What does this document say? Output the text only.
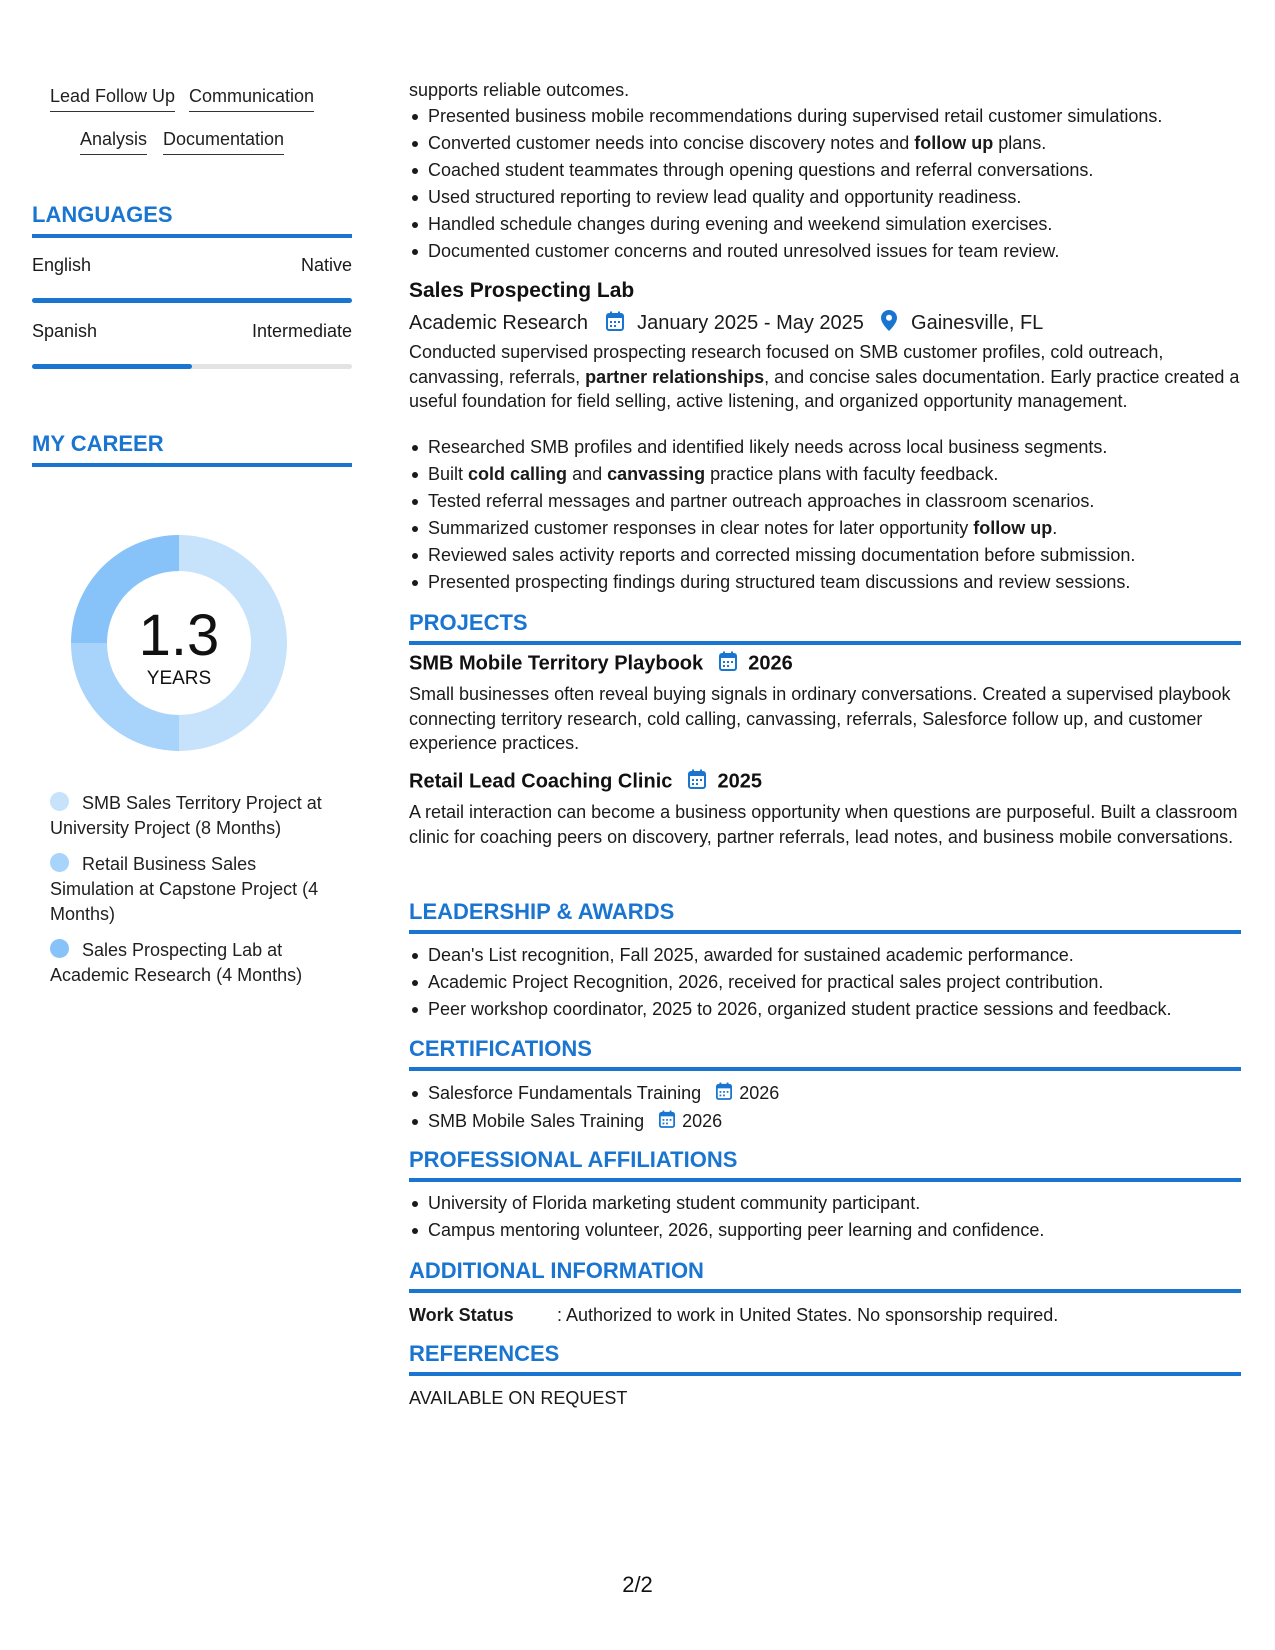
Lead Follow Up Communication
Analysis Documentation
LANGUAGES
English	Native
Spanish	Intermediate
MY CAREER
1.3
YEARS
SMB Sales Territory Project at University Project (8 Months)
Retail Business Sales Simulation at Capstone Project (4 Months)
Sales Prospecting Lab at Academic Research (4 Months)
supports reliable outcomes.
Presented business mobile recommendations during supervised retail customer simulations.
Converted customer needs into concise discovery notes and follow up plans.
Coached student teammates through opening questions and referral conversations.
Used structured reporting to review lead quality and opportunity readiness.
Handled schedule changes during evening and weekend simulation exercises.
Documented customer concerns and routed unresolved issues for team review.
Sales Prospecting Lab
Academic Research January 2025 - May 2025 Gainesville, FL
Conducted supervised prospecting research focused on SMB customer profiles, cold outreach, canvassing, referrals, partner relationships, and concise sales documentation. Early practice created a useful foundation for field selling, active listening, and organized opportunity management.
Researched SMB profiles and identified likely needs across local business segments.
Built cold calling and canvassing practice plans with faculty feedback.
Tested referral messages and partner outreach approaches in classroom scenarios.
Summarized customer responses in clear notes for later opportunity follow up.
Reviewed sales activity reports and corrected missing documentation before submission.
Presented prospecting findings during structured team discussions and review sessions.
PROJECTS
SMB Mobile Territory Playbook 2026
Small businesses often reveal buying signals in ordinary conversations. Created a supervised playbook connecting territory research, cold calling, canvassing, referrals, Salesforce follow up, and customer experience practices.
Retail Lead Coaching Clinic 2025
A retail interaction can become a business opportunity when questions are purposeful. Built a classroom clinic for coaching peers on discovery, partner referrals, lead notes, and business mobile conversations.
LEADERSHIP & AWARDS
Dean's List recognition, Fall 2025, awarded for sustained academic performance.
Academic Project Recognition, 2026, received for practical sales project contribution.
Peer workshop coordinator, 2025 to 2026, organized student practice sessions and feedback.
CERTIFICATIONS
Salesforce Fundamentals Training 2026
SMB Mobile Sales Training 2026
PROFESSIONAL AFFILIATIONS
University of Florida marketing student community participant.
Campus mentoring volunteer, 2026, supporting peer learning and confidence.
ADDITIONAL INFORMATION
Work Status : Authorized to work in United States. No sponsorship required.
REFERENCES
AVAILABLE ON REQUEST
2/2
